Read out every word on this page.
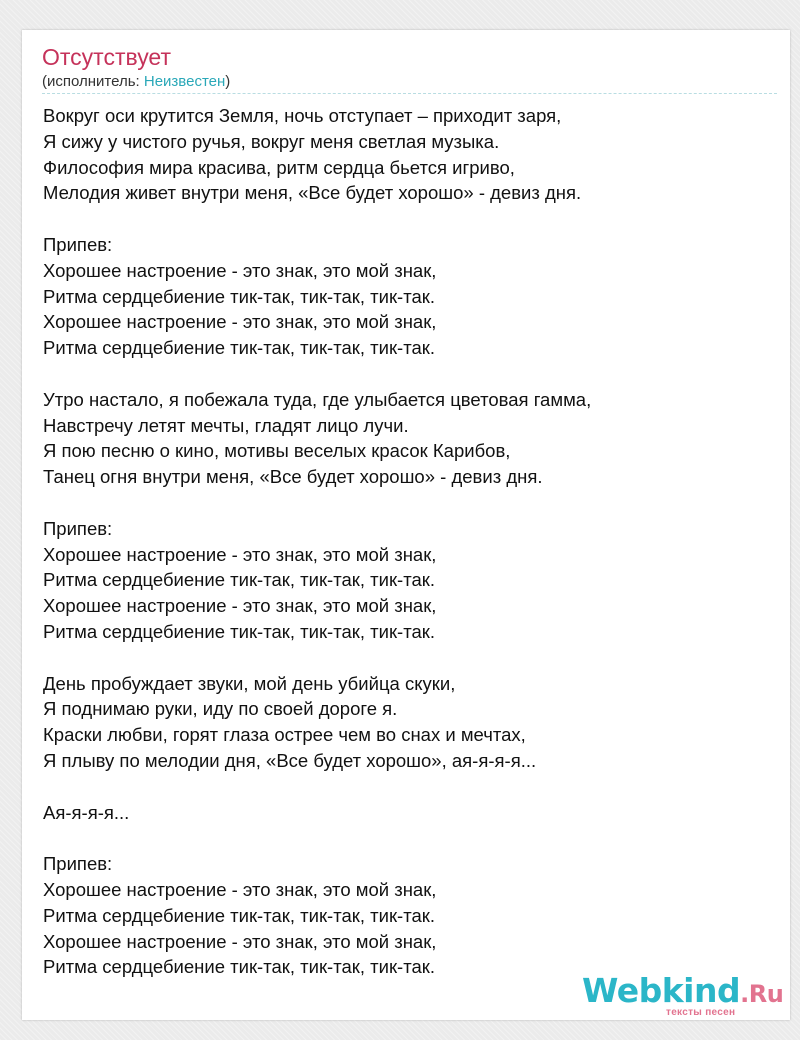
Отсутствует
(исполнитель: Неизвестен)
Вокруг оси крутится Земля, ночь отступает – приходит заря,
Я сижу у чистого ручья, вокруг меня светлая музыка.
Философия мира красива, ритм сердца бьется игриво,
Мелодия живет внутри меня, «Все будет хорошо» - девиз дня.
Припев:
Хорошее настроение - это знак, это мой знак,
Ритма сердцебиение тик-так, тик-так, тик-так.
Хорошее настроение - это знак, это мой знак,
Ритма сердцебиение тик-так, тик-так, тик-так.
Утро настало, я побежала туда, где улыбается цветовая гамма,
Навстречу летят мечты, гладят лицо лучи.
Я пою песню о кино, мотивы веселых красок Карибов,
Танец огня внутри меня, «Все будет хорошо» - девиз дня.
Припев:
Хорошее настроение - это знак, это мой знак,
Ритма сердцебиение тик-так, тик-так, тик-так.
Хорошее настроение - это знак, это мой знак,
Ритма сердцебиение тик-так, тик-так, тик-так.
День пробуждает звуки, мой день убийца скуки,
Я поднимаю руки, иду по своей дороге я.
Краски любви, горят глаза острее чем во снах и мечтах,
Я плыву по мелодии дня, «Все будет хорошо», ая-я-я-я...
Ая-я-я-я...
Припев:
Хорошее настроение - это знак, это мой знак,
Ритма сердцебиение тик-так, тик-так, тик-так.
Хорошее настроение - это знак, это мой знак,
Ритма сердцебиение тик-так, тик-так, тик-так.
Webkind.Ru
тексты песен
